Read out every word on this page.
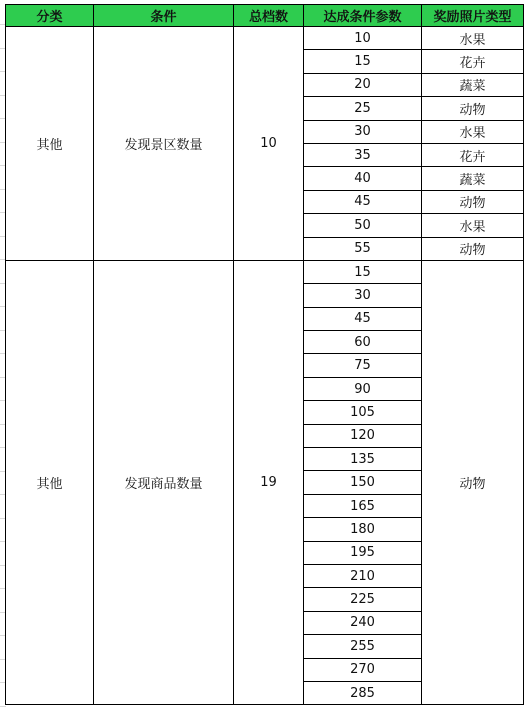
分类	条件	总档数	达成条件参数	奖励照片类型
其他	发现景区数量	10	10	水果
			15	花卉
			20	蔬菜
			25	动物
			30	水果
			35	花卉
			40	蔬菜
			45	动物
			50	水果
			55	动物
其他	发现商品数量	19	15	动物
			30	
			45	
			60	
			75	
			90	
			105	
			120	
			135	
			150	
			165	
			180	
			195	
			210	
			225	
			240	
			255	
			270	
			285	
